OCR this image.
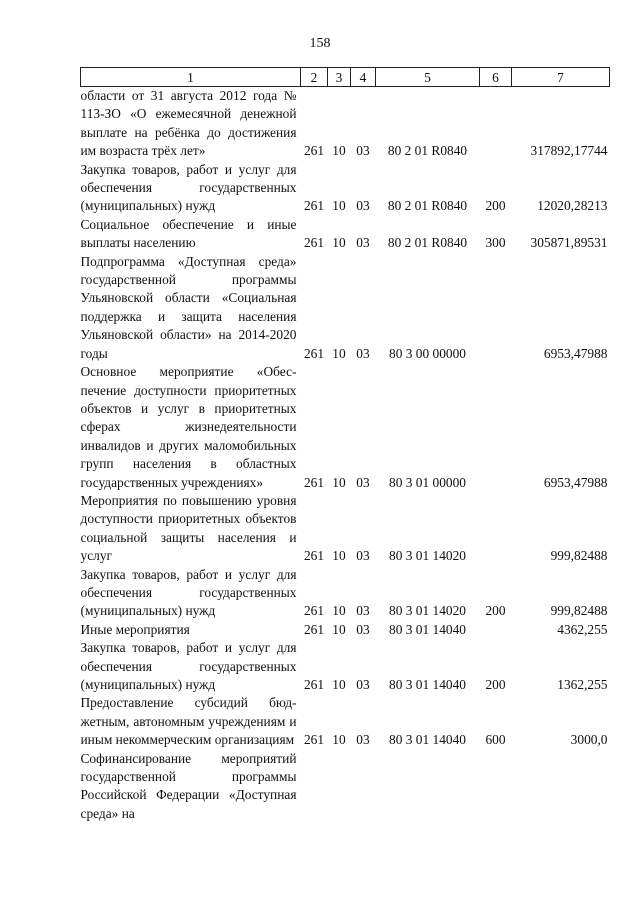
158
1	2	3	4	5	6	7
области от 31 августа 2012 года № 113-ЗО «О ежемесячной денежной выплате на ребёнка до достижения им возраста трёх лет»	261	10	03	80 2 01 R0840		317892,17744
Закупка товаров, работ и услуг для обеспечения государственных (муниципальных) нужд	261	10	03	80 2 01 R0840	200	12020,28213
Социальное обеспечение и иные выплаты населению	261	10	03	80 2 01 R0840	300	305871,89531
Подпрограмма «Доступная среда» государственной программы Ульяновской области «Социальная поддержка и защита населения Ульяновской области» на 2014-2020 годы	261	10	03	80 3 00 00000		6953,47988
Основное мероприятие «Обеспечение доступности приоритетных объектов и услуг в приоритетных сферах жизнедеятельности инвалидов и других маломобильных групп населения в областных государственных учреждениях»	261	10	03	80 3 01 00000		6953,47988
Мероприятия по повышению уровня доступности приоритетных объектов социальной защиты населения и услуг	261	10	03	80 3 01 14020		999,82488
Закупка товаров, работ и услуг для обеспечения государственных (муниципальных) нужд	261	10	03	80 3 01 14020	200	999,82488
Иные мероприятия	261	10	03	80 3 01 14040		4362,255
Закупка товаров, работ и услуг для обеспечения государственных (муниципальных) нужд	261	10	03	80 3 01 14040	200	1362,255
Предоставление субсидий бюджетным, автономным учреждениям и иным некоммерческим организациям	261	10	03	80 3 01 14040	600	3000,0
Софинансирование мероприятий государственной программы Российской Федерации «Доступная среда» на						
